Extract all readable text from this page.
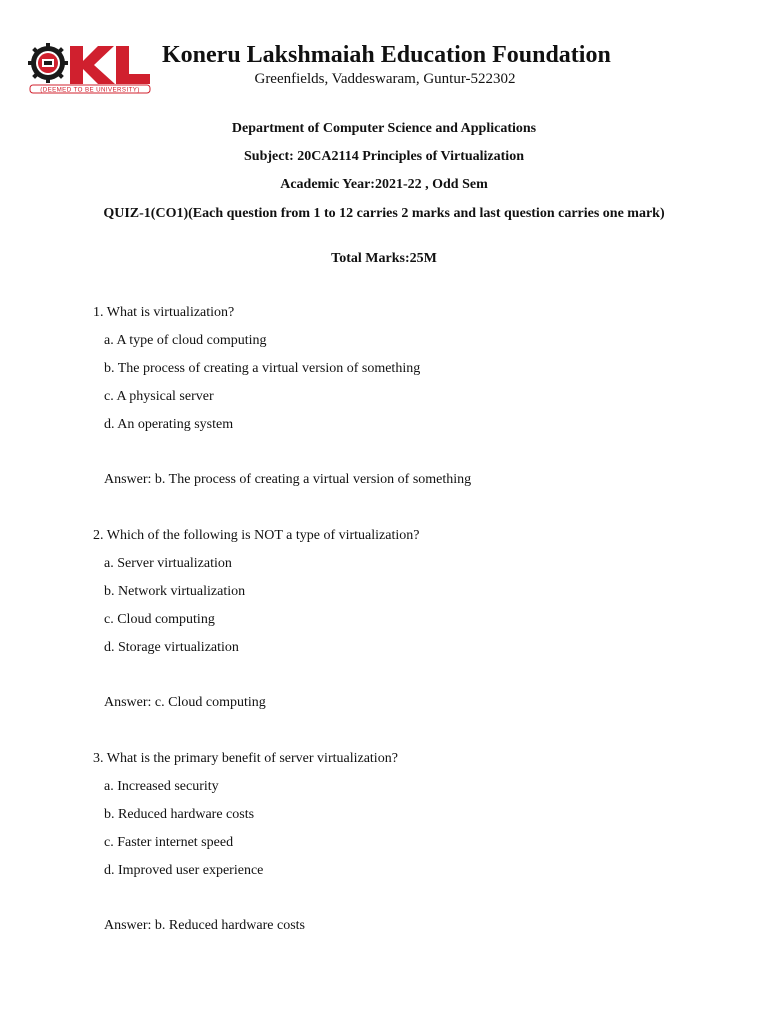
(DEEMED TO BE UNIVERSITY)
Koneru Lakshmaiah Education Foundation
Greenfields, Vaddeswaram, Guntur-522302
Department of Computer Science and Applications
Subject: 20CA2114 Principles of Virtualization
Academic Year:2021-22 , Odd Sem
QUIZ-1(CO1)(Each question from 1 to 12 carries 2 marks and last question carries one mark)
Total Marks:25M
1. What is virtualization?
a. A type of cloud computing
b. The process of creating a virtual version of something
c. A physical server
d. An operating system
Answer: b. The process of creating a virtual version of something
2. Which of the following is NOT a type of virtualization?
a. Server virtualization
b. Network virtualization
c. Cloud computing
d. Storage virtualization
Answer: c. Cloud computing
3. What is the primary benefit of server virtualization?
a. Increased security
b. Reduced hardware costs
c. Faster internet speed
d. Improved user experience
Answer: b. Reduced hardware costs
